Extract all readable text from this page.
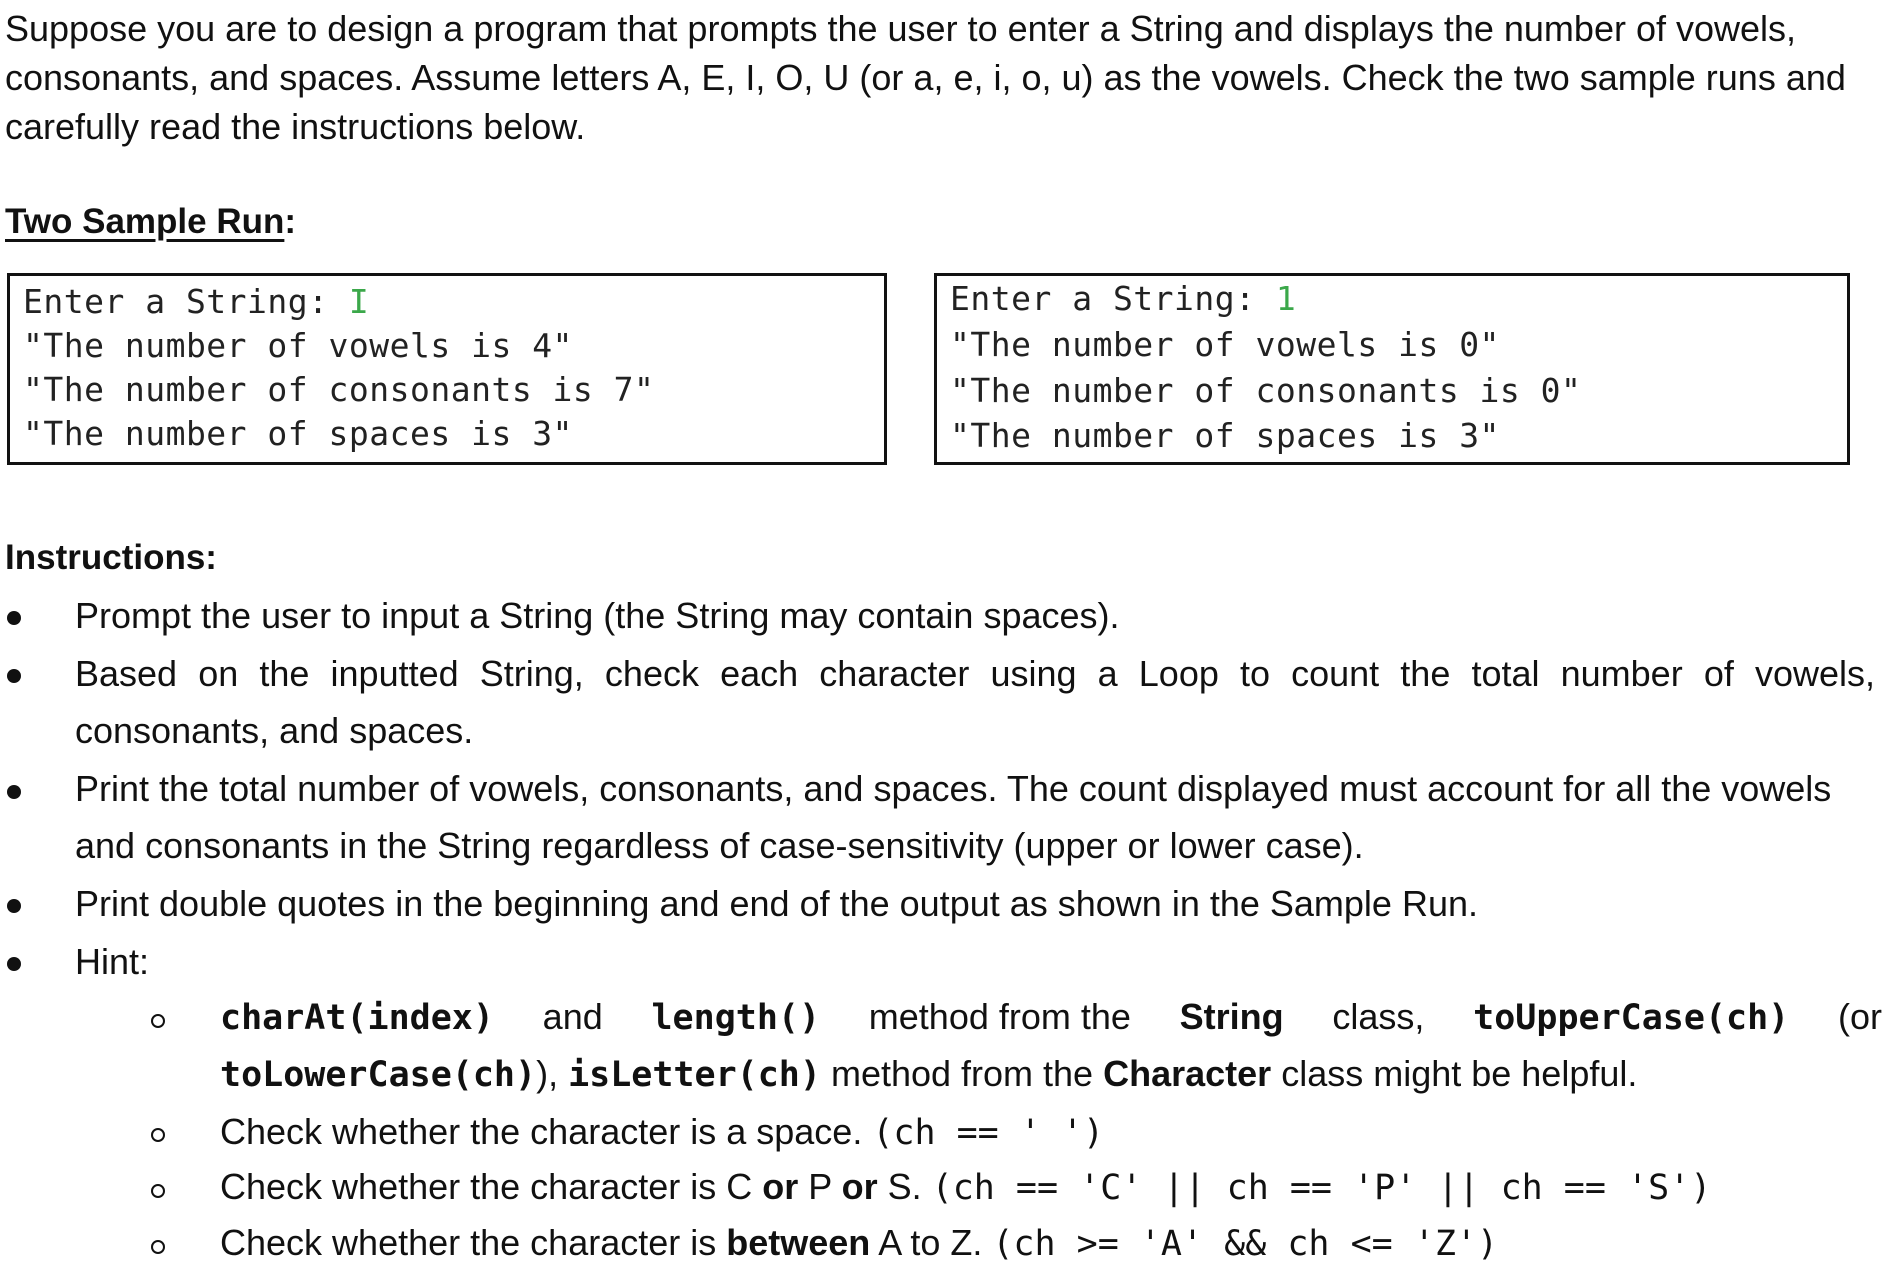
Suppose you are to design a program that prompts the user to enter a String and displays the number of vowels,
consonants, and spaces. Assume letters A, E, I, O, U (or a, e, i, o, u) as the vowels. Check the two sample runs and
carefully read the instructions below.
Two Sample Run:
Enter a String: I
"The number of vowels is 4"
"The number of consonants is 7"
"The number of spaces is 3"
Enter a String: 1
"The number of vowels is 0"
"The number of consonants is 0"
"The number of spaces is 3"
Instructions:
Prompt the user to input a String (the String may contain spaces).
Based on the inputted String, check each character using a Loop to count the total number of vowels,
consonants, and spaces.
Print the total number of vowels, consonants, and spaces. The count displayed must account for all the vowels
and consonants in the String regardless of case-sensitivity (upper or lower case).
Print double quotes in the beginning and end of the output as shown in the Sample Run.
Hint:
charAt(index) and length() method from the String class, toUpperCase(ch) (or
toLowerCase(ch)), isLetter(ch) method from the Character class might be helpful.
Check whether the character is a space. (ch == ' ')
Check whether the character is C or P or S. (ch == 'C' || ch == 'P' || ch == 'S')
Check whether the character is between A to Z. (ch >= 'A' && ch <= 'Z')
